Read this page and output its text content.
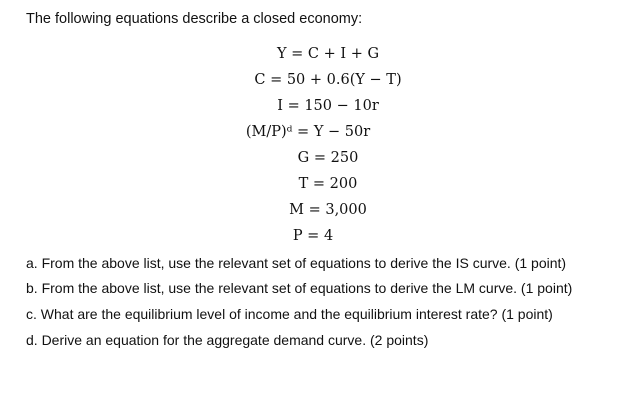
The following equations describe a closed economy:
Y = C + I + G
C = 50 + 0.6(Y − T)
I = 150 − 10r
(M/P)ᵈ = Y − 50r
G = 250
T = 200
M = 3,000
P = 4
a. From the above list, use the relevant set of equations to derive the IS curve. (1 point)
b. From the above list, use the relevant set of equations to derive the LM curve. (1 point)
c. What are the equilibrium level of income and the equilibrium interest rate? (1 point)
d. Derive an equation for the aggregate demand curve. (2 points)
